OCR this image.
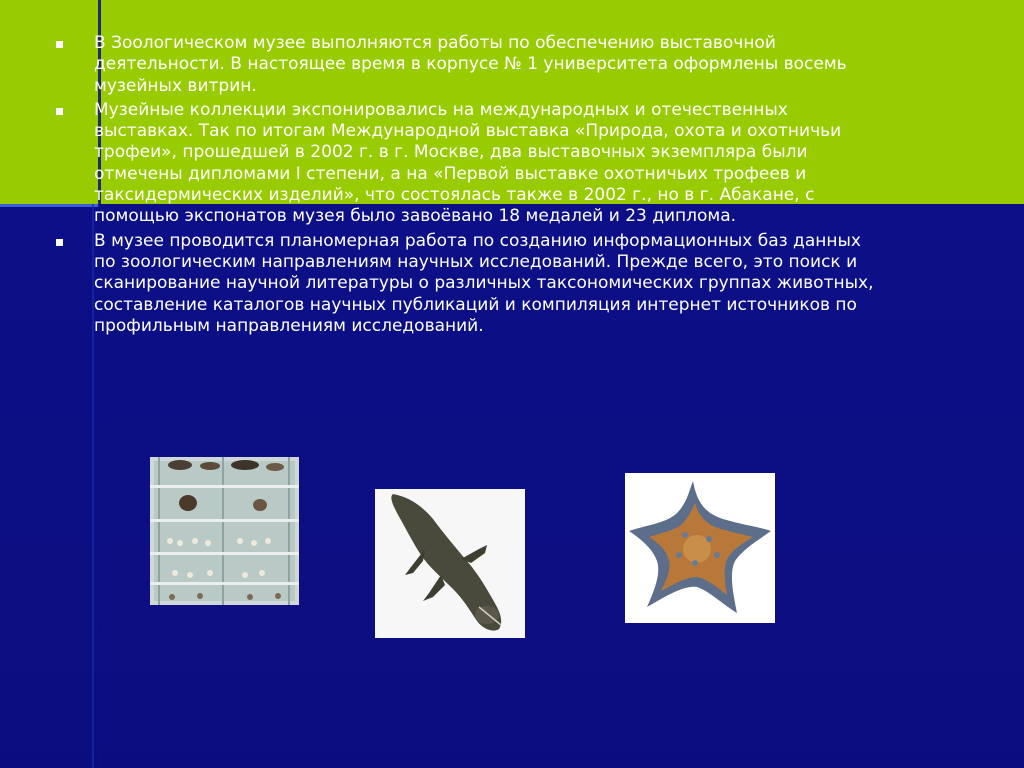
В Зоологическом музее выполняются работы по обеспечению выставочной деятельности. В настоящее время в корпусе № 1 университета оформлены восемь музейных витрин.
Музейные коллекции экспонировались на международных и отечественных выставках. Так по итогам Международной выставка «Природа, охота и охотничьи трофеи», прошедшей в 2002 г. в г. Москве, два выставочных экземпляра были отмечены дипломами I степени, а на «Первой выставке охотничьих трофеев и таксидермических изделий», что состоялась также в 2002 г., но в г. Абакане, с помощью экспонатов музея было завоёвано 18 медалей и 23 диплома.
В музее проводится планомерная работа по созданию информационных баз данных по зоологическим направлениям научных исследований. Прежде всего, это поиск и сканирование научной литературы о различных таксономических группах животных, составление каталогов научных публикаций и компиляция интернет источников по профильным направлениям исследований.
